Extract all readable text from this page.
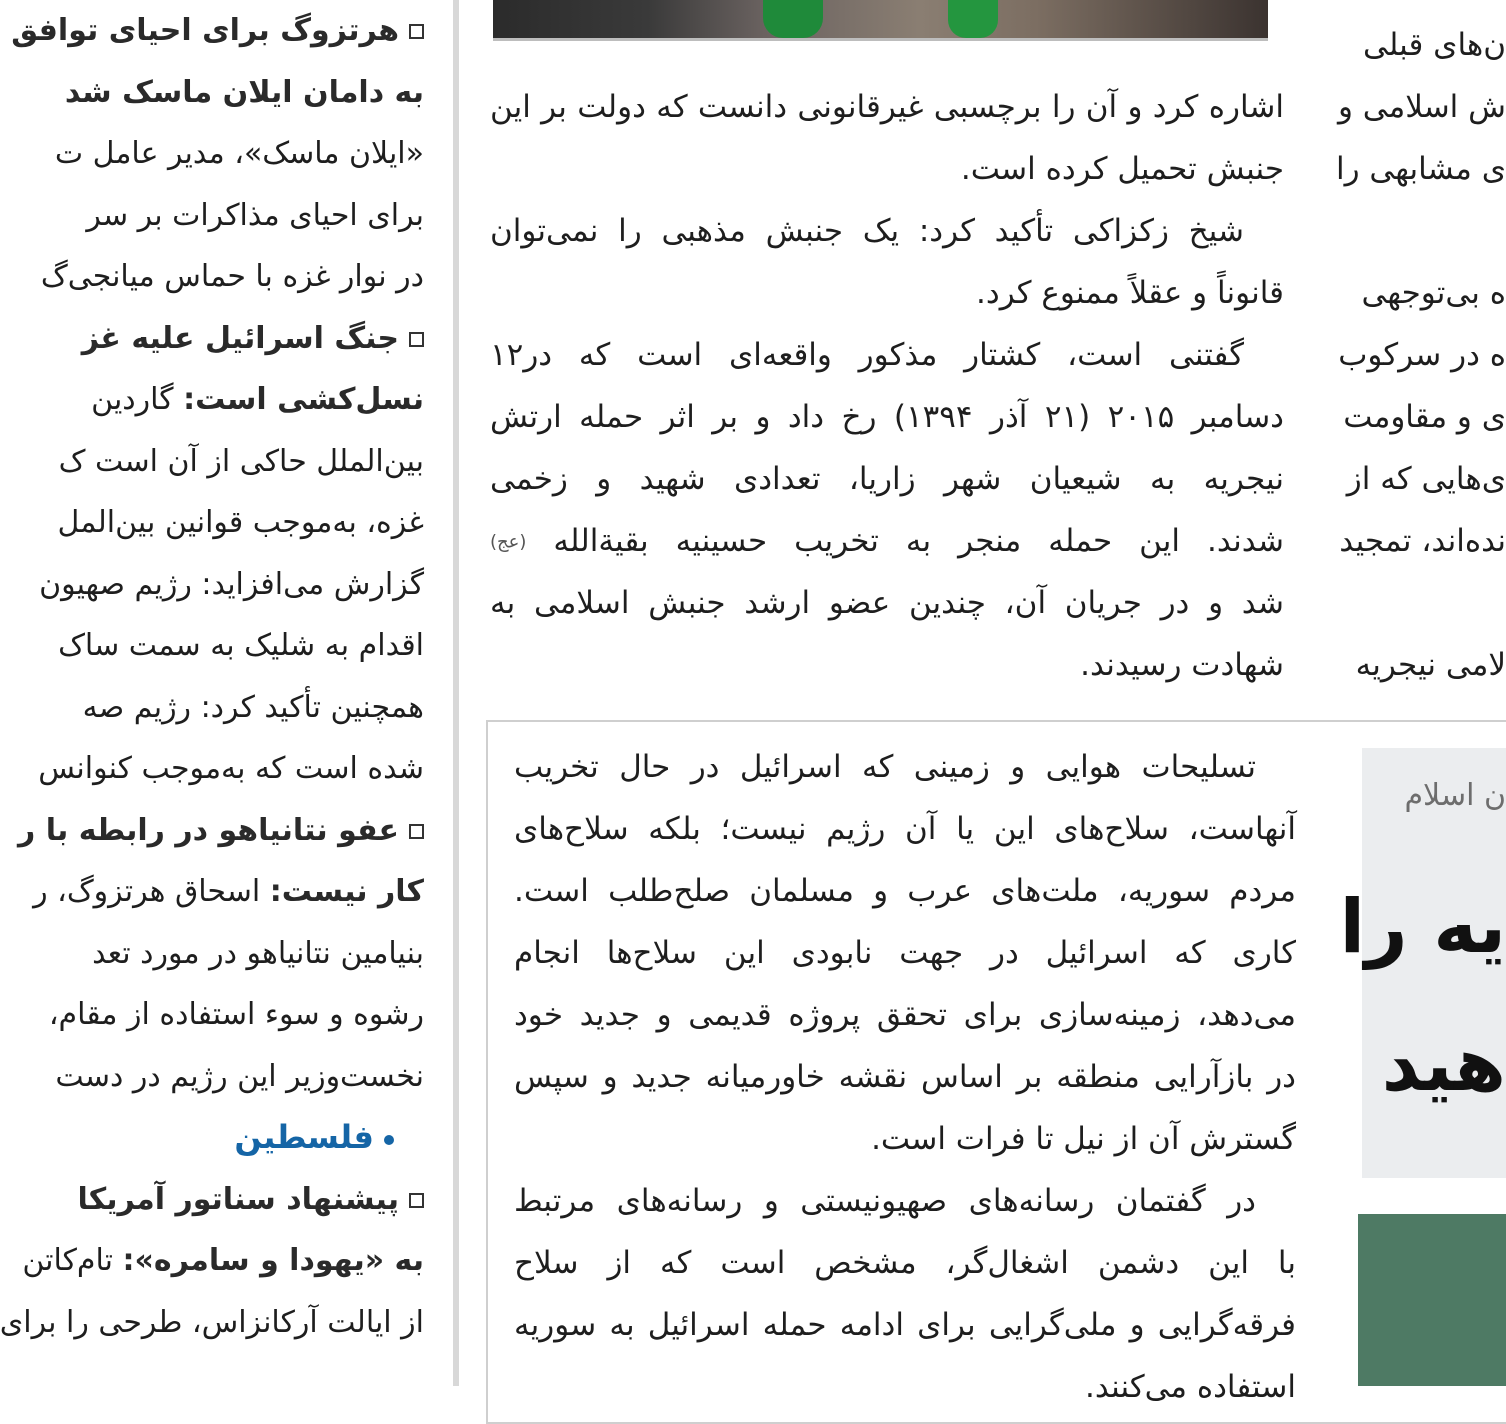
هرتزوگ برای احیای توافق
به دامان ایلان ماسک شد
«ایلان ماسک»، مدیر عامل ت
برای احیای مذاکرات بر سر
در نوار غزه با حماس میانجی‌گ
جنگ اسرائیل علیه غز
نسل‌کشی است: گاردین
بین‌الملل حاکی از آن است ک
غزه، به‌موجب قوانین بین‌المل
گزارش می‌افزاید: رژیم صهیون
اقدام به شلیک به سمت ساک
همچنین تأکید کرد: رژیم صه
شده است که به‌موجب کنوانس
عفو نتانیاهو در رابطه با ر
کار نیست: اسحاق هرتزوگ، ر
بنیامین نتانیاهو در مورد تعد
رشوه و سوء استفاده از مقام،
نخست‌وزیر این رژیم در دست
فلسطین
پیشنهاد سناتور آمریکا
به «یهودا و سامره»: تام‌کاتن
از ایالت آرکانزاس، طرحی را برای
اشاره کرد و آن را برچسبی غیرقانونی دانست که دولت بر این
جنبش تحمیل کرده است.
شیخ زکزاکی تأکید کرد: یک جنبش مذهبی را نمی‌توان
قانوناً و عقلاً ممنوع کرد.
گفتنی است، کشتار مذکور واقعه‌ای است که در۱۲
دسامبر ۲۰۱۵ (۲۱ آذر ۱۳۹۴) رخ داد و بر اثر حمله ارتش
نیجریه به شیعیان شهر زاریا، تعدادی شهید و زخمی
شدند. این حمله منجر به تخریب حسینیه بقیة‌الله (عج)
شد و در جریان آن، چندین عضو ارشد جنبش اسلامی به
شهادت رسیدند.
ن‌های قبلی
ش اسلامی و
ی مشابهی را
ه بی‌توجهی
ه در سرکوب
ی و مقاومت
ی‌هایی که از
نده‌اند، تمجید
لامی نیجریه
تسلیحات هوایی و زمینی که اسرائیل در حال تخریب
آنهاست، سلاح‌های این یا آن رژیم نیست؛ بلکه سلاح‌های
مردم سوریه، ملت‌های عرب و مسلمان صلح‌طلب است.
کاری که اسرائیل در جهت نابودی این سلاح‌ها انجام
می‌دهد، زمینه‌سازی برای تحقق پروژه قدیمی و جدید خود
در بازآرایی منطقه بر اساس نقشه خاورمیانه جدید و سپس
گسترش آن از نیل تا فرات است.
در گفتمان رسانه‌های صهیونیستی و رسانه‌های مرتبط
با این دشمن اشغال‌گر، مشخص است که از سلاح
فرقه‌گرایی و ملی‌گرایی برای ادامه حمله اسرائیل به سوریه
استفاده می‌کنند.
ن اسلام
یه را
هید
